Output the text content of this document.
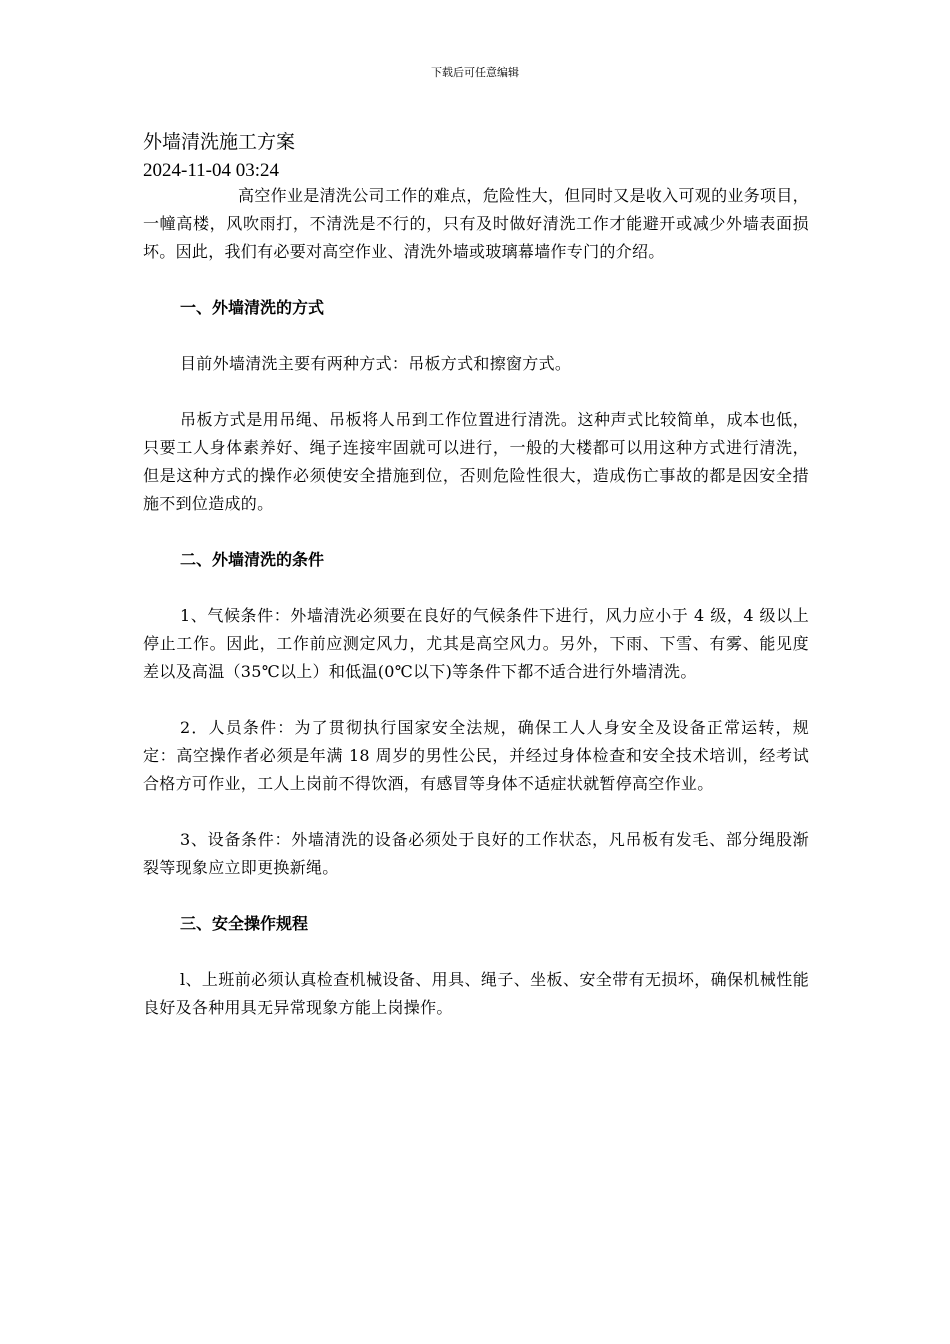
下载后可任意编辑
外墙清洗施工方案
2024-11-04 03:24

高空作业是清洗公司工作的难点，危险性大，但同时又是收入可观的业务项目，一幢高楼，风吹雨打，不清洗是不行的，只有及时做好清洗工作才能避开或减少外墙表面损坏。因此，我们有必要对高空作业、清洗外墙或玻璃幕墙作专门的介绍。

一、外墙清洗的方式

目前外墙清洗主要有两种方式：吊板方式和擦窗方式。

吊板方式是用吊绳、吊板将人吊到工作位置进行清洗。这种声式比较简单，成本也低，只要工人身体素养好、绳子连接牢固就可以进行，一般的大楼都可以用这种方式进行清洗，但是这种方式的操作必须使安全措施到位，否则危险性很大，造成伤亡事故的都是因安全措施不到位造成的。

二、外墙清洗的条件

1、气候条件：外墙清洗必须要在良好的气候条件下进行，风力应小于 4 级，4 级以上停止工作。因此，工作前应测定风力，尤其是高空风力。另外，下雨、下雪、有雾、能见度差以及高温（35℃以上）和低温(0℃以下)等条件下都不适合进行外墙清洗。

2．人员条件：为了贯彻执行国家安全法规，确保工人人身安全及设备正常运转，规定：高空操作者必须是年满 18 周岁的男性公民，并经过身体检查和安全技术培训，经考试合格方可作业，工人上岗前不得饮酒，有感冒等身体不适症状就暂停高空作业。

3、设备条件：外墙清洗的设备必须处于良好的工作状态，凡吊板有发毛、部分绳股渐裂等现象应立即更换新绳。

三、安全操作规程

l、上班前必须认真检查机械设备、用具、绳子、坐板、安全带有无损坏，确保机械性能良好及各种用具无异常现象方能上岗操作。
